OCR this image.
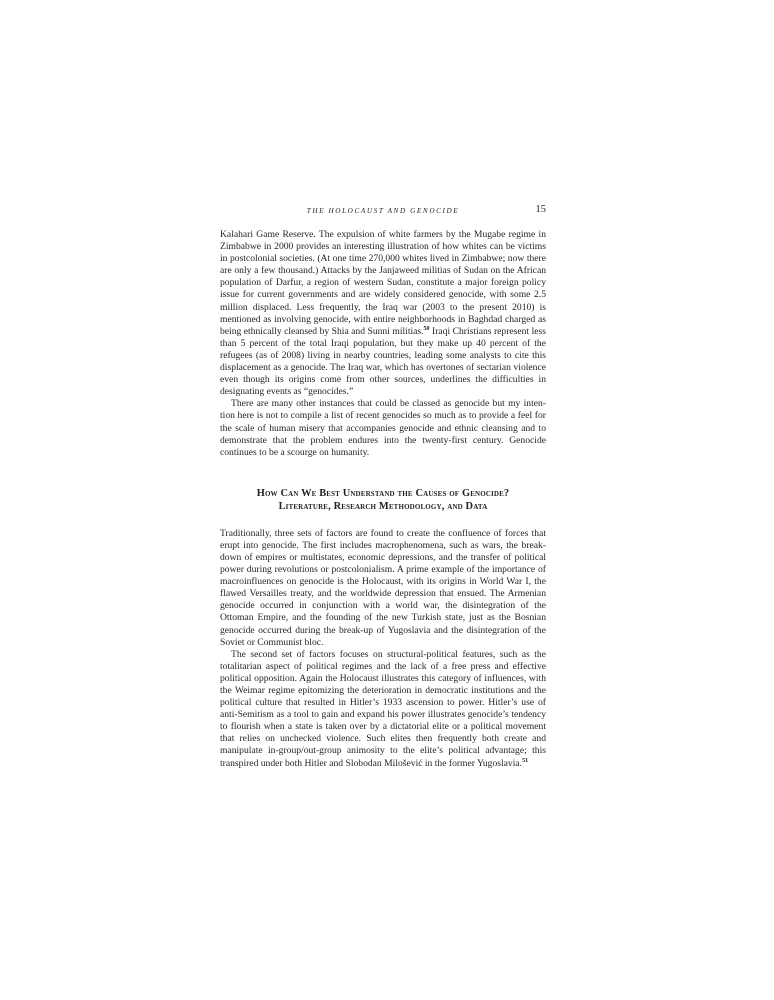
THE HOLOCAUST AND GENOCIDE	15

Kalahari Game Reserve. The expulsion of white farmers by the Mugabe regime in Zimbabwe in 2000 provides an interesting illustration of how whites can be victims in postcolonial societies. (At one time 270,000 whites lived in Zimbabwe; now there are only a few thousand.) Attacks by the Janjaweed militias of Sudan on the African population of Darfur, a region of western Sudan, constitute a major foreign policy issue for current governments and are widely considered genocide, with some 2.5 million displaced. Less frequently, the Iraq war (2003 to the present 2010) is mentioned as involving genocide, with entire neighborhoods in Baghdad charged as being ethnically cleansed by Shia and Sunni militias.$^{50}$ Iraqi Christians represent less than 5 percent of the total Iraqi population, but they make up 40 percent of the refugees (as of 2008) living in nearby countries, leading some analysts to cite this displacement as a genocide. The Iraq war, which has overtones of sectarian violence even though its origins come from other sources, underlines the difficulties in designating events as “genocides.”

There are many other instances that could be classed as genocide but my intention here is not to compile a list of recent genocides so much as to provide a feel for the scale of human misery that accompanies genocide and ethnic cleansing and to demonstrate that the problem endures into the twenty-first century. Genocide continues to be a scourge on humanity.

How Can We Best Understand the Causes of Genocide?
Literature, Research Methodology, and Data

Traditionally, three sets of factors are found to create the confluence of forces that erupt into genocide. The first includes macrophenomena, such as wars, the breakdown of empires or multistates, economic depressions, and the transfer of political power during revolutions or postcolonialism. A prime example of the importance of macroinfluences on genocide is the Holocaust, with its origins in World War I, the flawed Versailles treaty, and the worldwide depression that ensued. The Armenian genocide occurred in conjunction with a world war, the disintegration of the Ottoman Empire, and the founding of the new Turkish state, just as the Bosnian genocide occurred during the break-up of Yugoslavia and the disintegration of the Soviet or Communist bloc.

The second set of factors focuses on structural-political features, such as the totalitarian aspect of political regimes and the lack of a free press and effective political opposition. Again the Holocaust illustrates this category of influences, with the Weimar regime epitomizing the deterioration in democratic institutions and the political culture that resulted in Hitler’s 1933 ascension to power. Hitler’s use of anti-Semitism as a tool to gain and expand his power illustrates genocide’s tendency to flourish when a state is taken over by a dictatorial elite or a political movement that relies on unchecked violence. Such elites then frequently both create and manipulate in-group/out-group animosity to the elite’s political advantage; this transpired under both Hitler and Slobodan Milošević in the former Yugoslavia.$^{51}$
